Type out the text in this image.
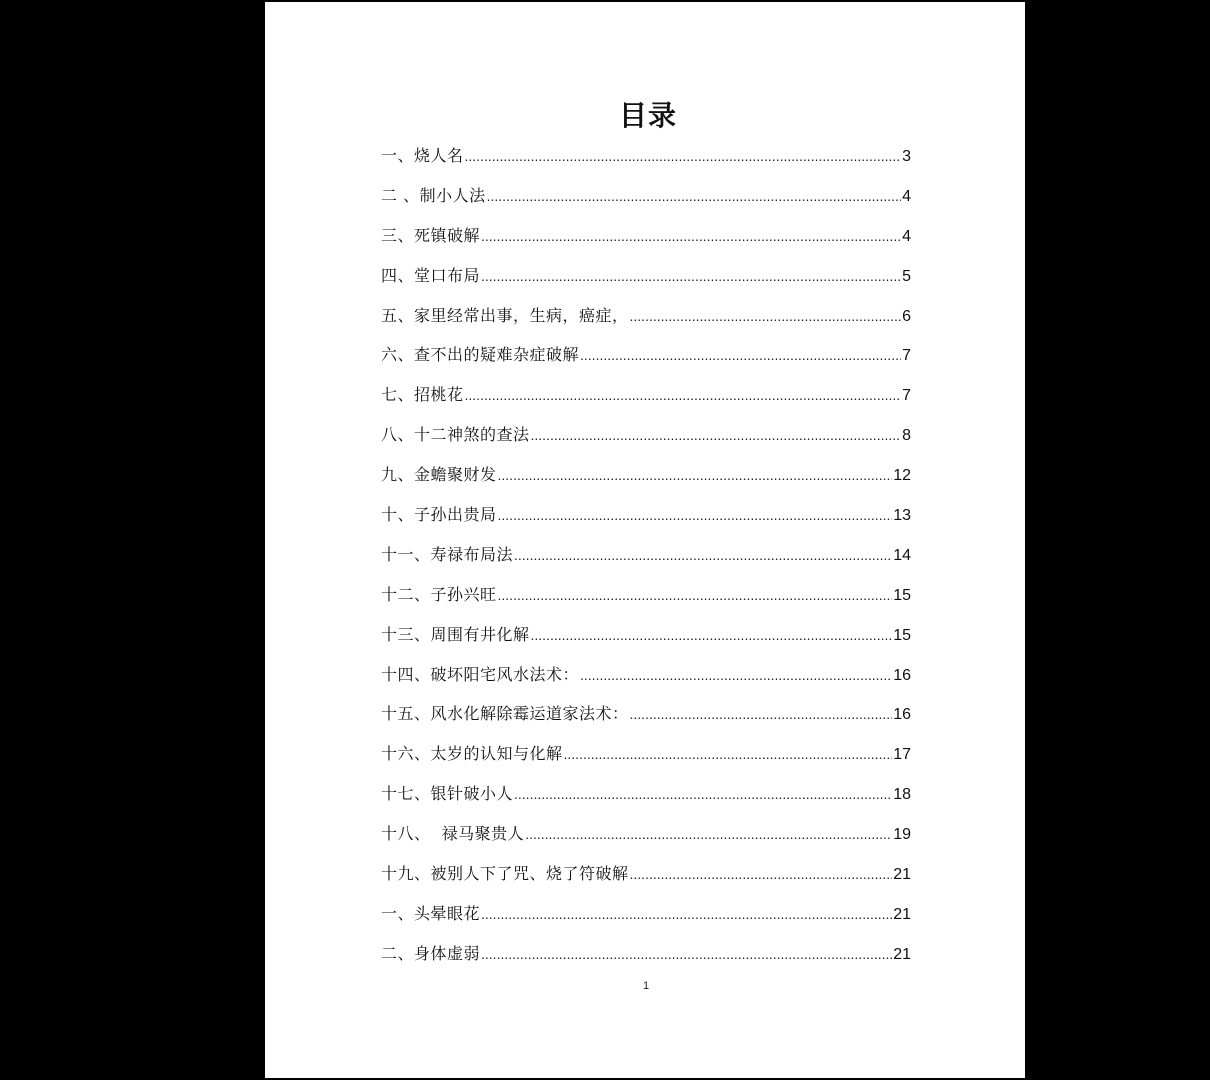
目录
一、烧人名 .....	3
二 、制小人法 .....	4
三、死镇破解 .....	4
四、堂口布局 .....	5
五、家里经常出事，生病，癌症， .....	6
六、查不出的疑难杂症破解 .....	7
七、招桃花 .....	7
八、十二神煞的查法 .....	8
九、金蟾聚财发 .....	12
十、子孙出贵局 .....	13
十一、寿禄布局法 .....	14
十二、子孙兴旺 .....	15
十三、周围有井化解 .....	15
十四、破坏阳宅风水法术： .....	16
十五、风水化解除霉运道家法术： .....	16
十六、太岁的认知与化解 .....	17
十七、银针破小人 .....	18
十八、  禄马聚贵人 .....	19
十九、被别人下了咒、烧了符破解 .....	21
一、头晕眼花 .....	21
二、身体虚弱 .....	21
1
